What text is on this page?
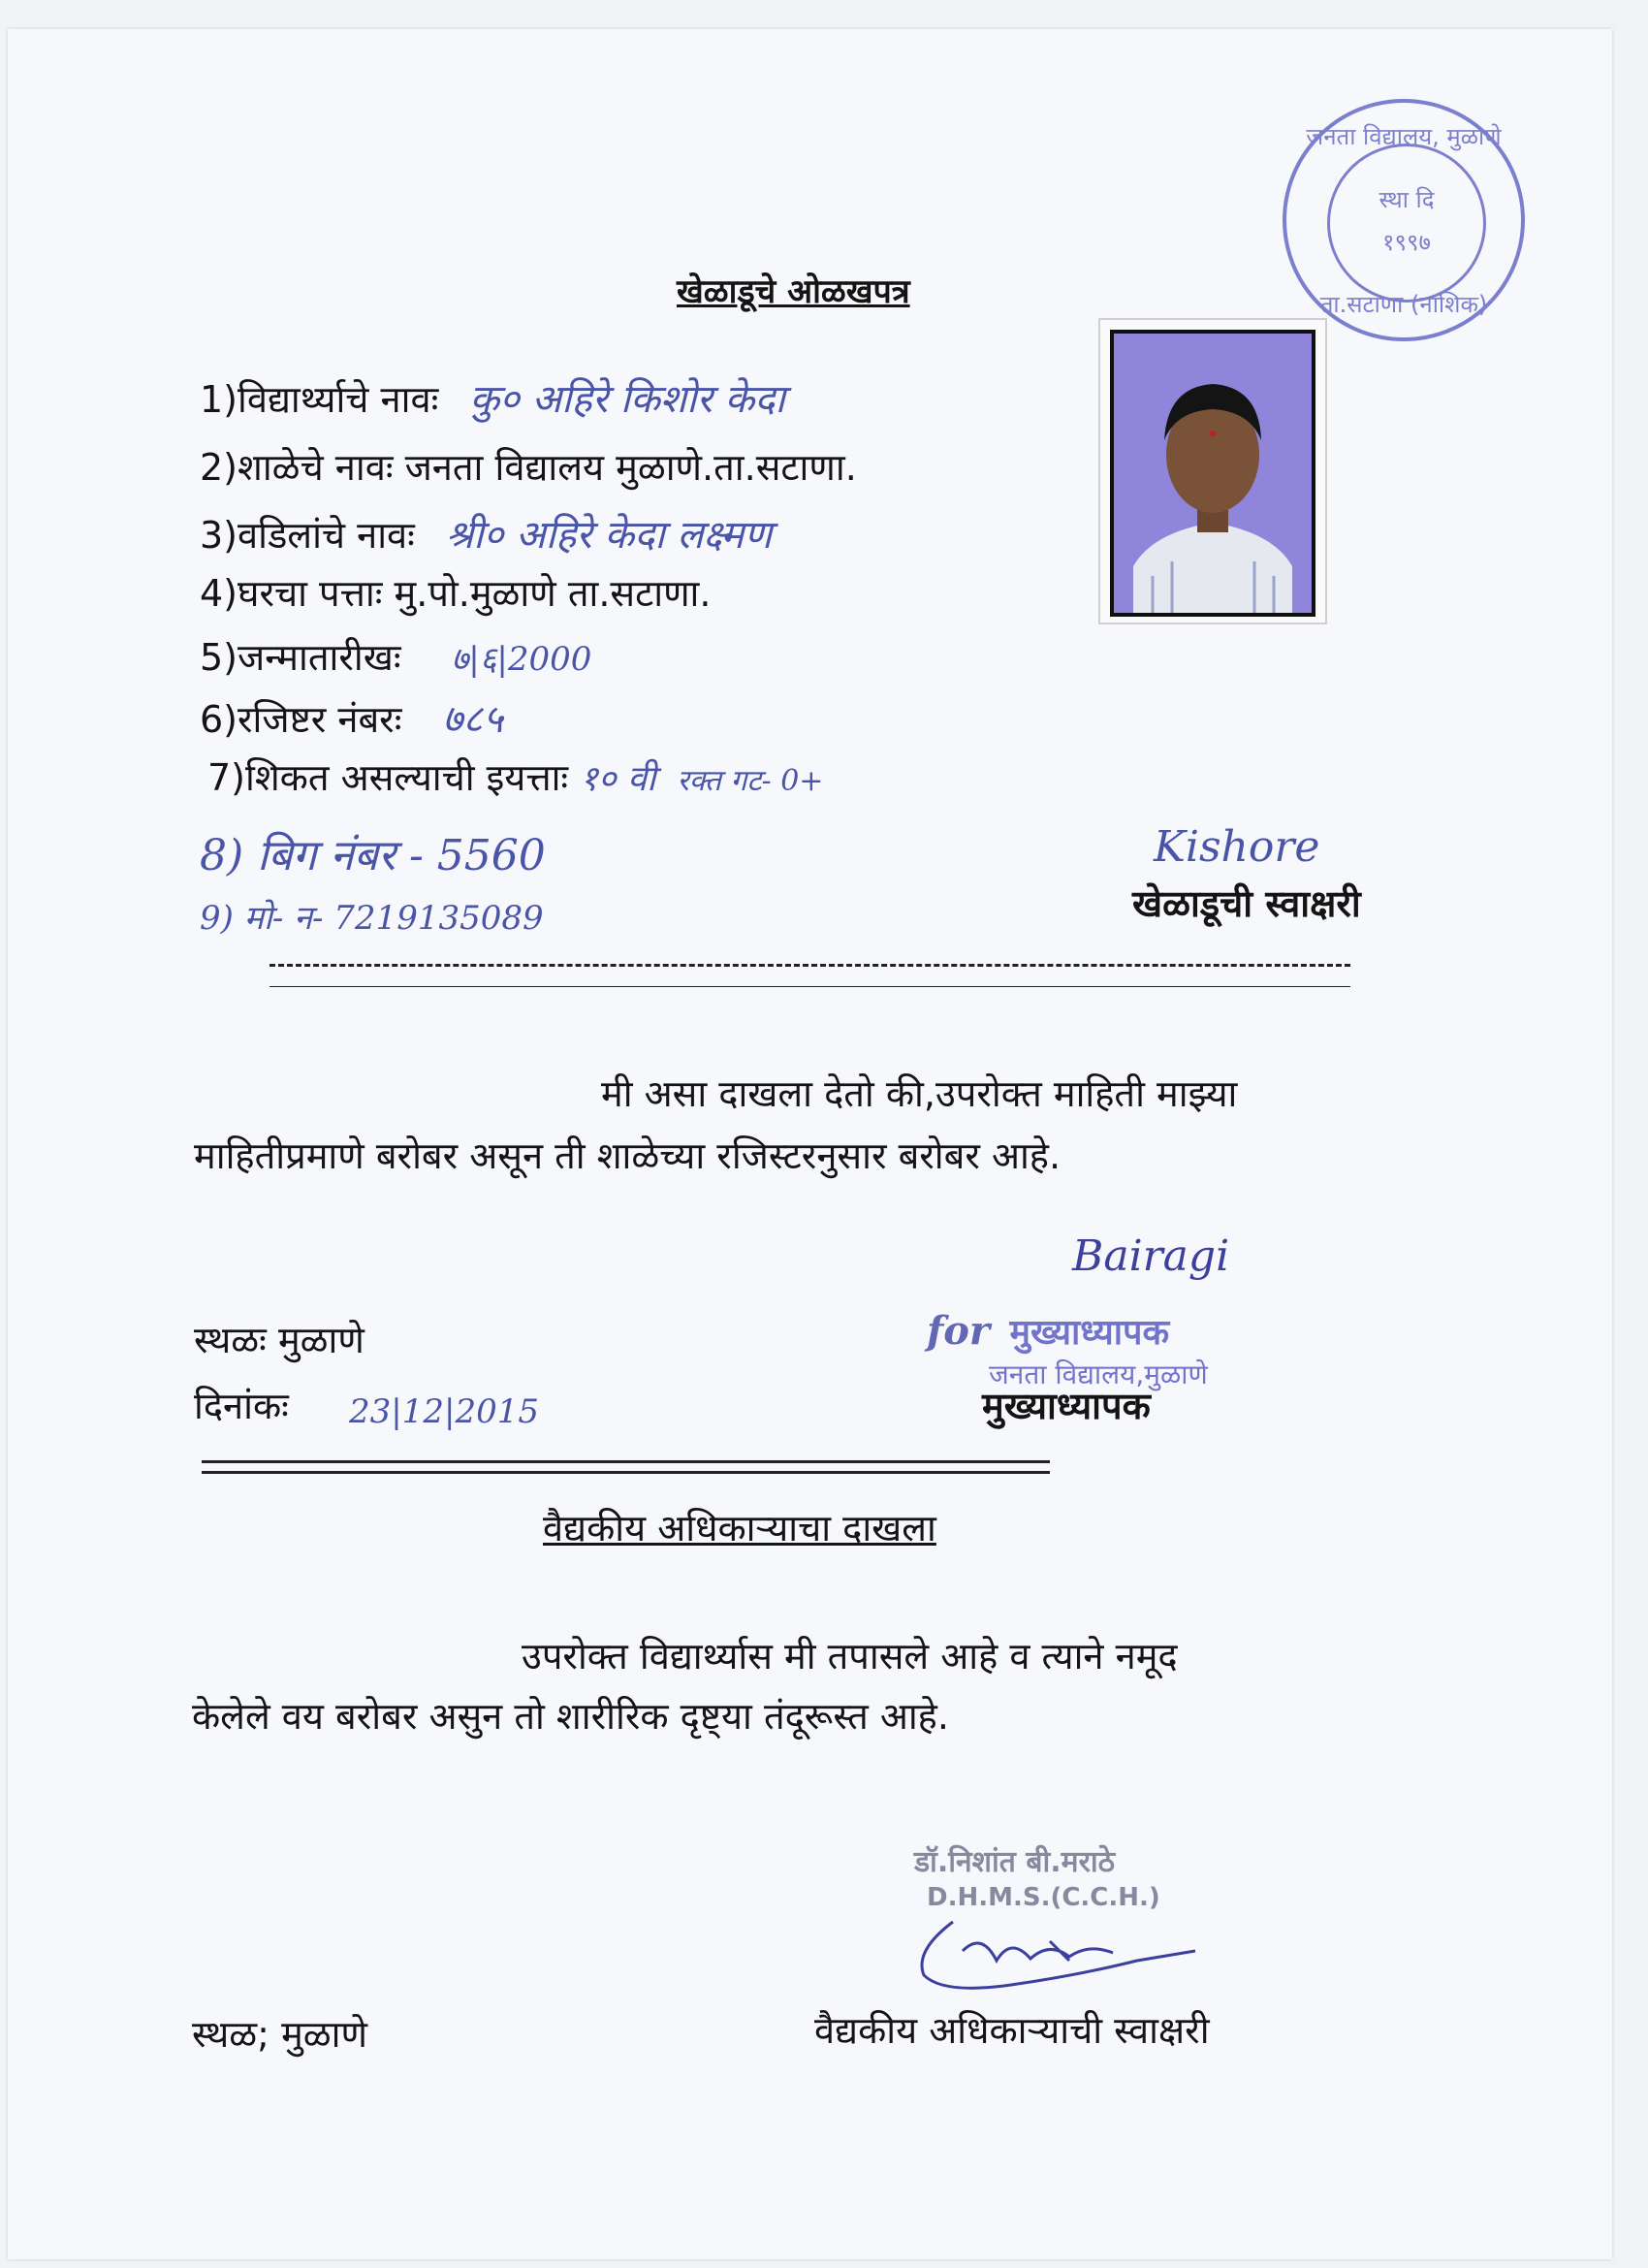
जनता विद्यालय, मुळाणे
स्था दि
१९९७
ता.सटाणा (नाशिक)
खेळाडूचे ओळखपत्र
1)विद्यार्थ्याचे नावः कु० अहिरे किशोर केदा
2)शाळेचे नावः जनता विद्यालय मुळाणे.ता.सटाणा.
3)वडिलांचे नावः श्री० अहिरे केदा लक्ष्मण
4)घरचा पत्ताः मु.पो.मुळाणे ता.सटाणा.
5)जन्मातारीखः ७|६|2000
6)रजिष्टर नंबरः ७८५
7)शिकत असल्याची इयत्ताः १० वी रक्त गट- 0+
8) बिग नंबर - 5560
9) मो- न- 7219135089
Kishore
खेळाडूची स्वाक्षरी
मी असा दाखला देतो की,उपरोक्त माहिती माझ्या
माहितीप्रमाणे बरोबर असून ती शाळेच्या रजिस्टरनुसार बरोबर आहे.
Bairagi
for मुख्याध्यापक
जनता विद्यालय,मुळाणे
स्थळः मुळाणे
दिनांकः 23|12|2015	मुख्याध्यापक
वैद्यकीय अधिकाऱ्याचा दाखला
उपरोक्त विद्यार्थ्यास मी तपासले आहे व त्याने नमूद
केलेले वय बरोबर असुन तो शारीरिक दृष्ट्या तंदूरूस्त आहे.
डॉ.निशांत बी.मराठे
D.H.M.S.(C.C.H.)
स्थळ; मुळाणे	वैद्यकीय अधिकाऱ्याची स्वाक्षरी
